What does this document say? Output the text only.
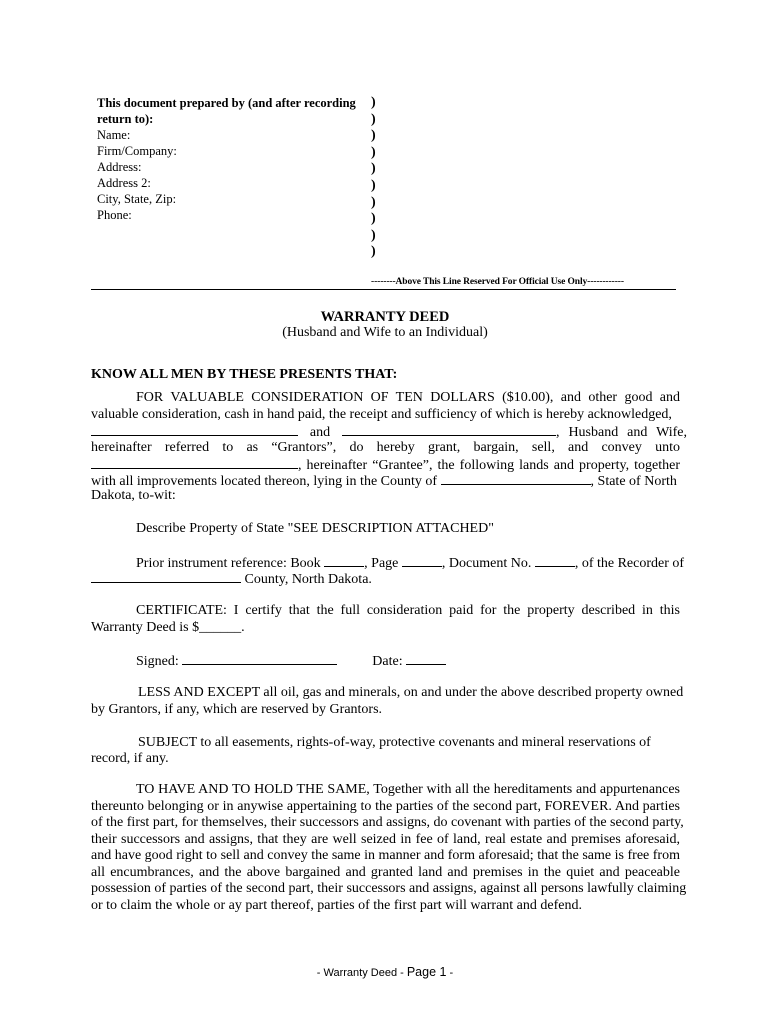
This document prepared by (and after recording return to):
Name:
Firm/Company:
Address:
Address 2:
City, State, Zip:
Phone:
)
)
)
)
)
)
)
)
)
)
--------Above This Line Reserved For Official Use Only------------
WARRANTY DEED
(Husband and Wife to an Individual)
KNOW ALL MEN BY THESE PRESENTS THAT:
FOR VALUABLE CONSIDERATION OF TEN DOLLARS ($10.00), and other good and
valuable consideration, cash in hand paid, the receipt and sufficiency of which is hereby acknowledged,
and	, Husband and Wife,
hereinafter referred to as “Grantors”, do hereby grant, bargain, sell, and convey unto
, hereinafter “Grantee”, the following lands and property, together
with all improvements located thereon, lying in the County of	, State of North
Dakota, to-wit:
Describe Property of State "SEE DESCRIPTION ATTACHED"
Prior instrument reference: Book	, Page	, Document No.	, of the Recorder of
County, North Dakota.
CERTIFICATE: I certify that the full consideration paid for the property described in this
Warranty Deed is $______.
Signed:	Date:
LESS AND EXCEPT all oil, gas and minerals, on and under the above described property owned
by Grantors, if any, which are reserved by Grantors.
SUBJECT to all easements, rights-of-way, protective covenants and mineral reservations of
record, if any.
TO HAVE AND TO HOLD THE SAME, Together with all the hereditaments and appurtenances
thereunto belonging or in anywise appertaining to the parties of the second part, FOREVER. And parties
of the first part, for themselves, their successors and assigns, do covenant with parties of the second party,
their successors and assigns, that they are well seized in fee of land, real estate and premises aforesaid,
and have good right to sell and convey the same in manner and form aforesaid; that the same is free from
all encumbrances, and the above bargained and granted land and premises in the quiet and peaceable
possession of parties of the second part, their successors and assigns, against all persons lawfully claiming
or to claim the whole or ay part thereof, parties of the first part will warrant and defend.
- Warranty Deed - Page 1 -
